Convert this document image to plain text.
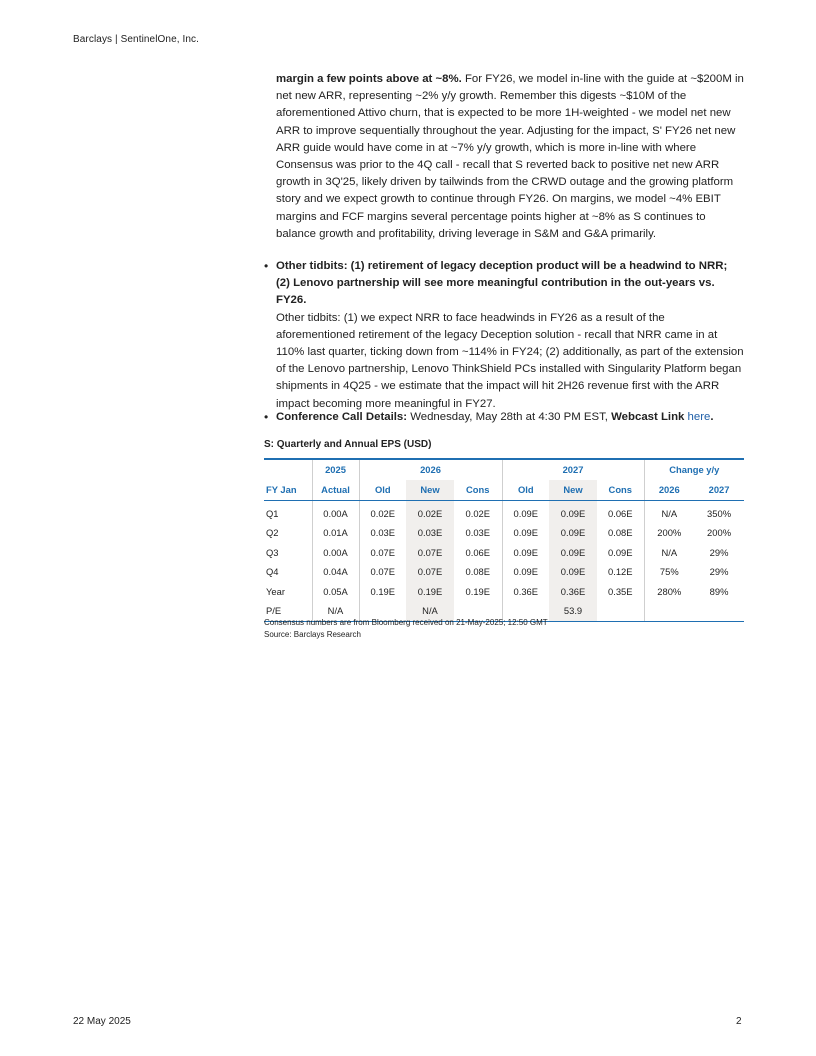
Barclays | SentinelOne, Inc.
margin a few points above at ~8%. For FY26, we model in-line with the guide at ~$200M in net new ARR, representing ~2% y/y growth. Remember this digests ~$10M of the aforementioned Attivo churn, that is expected to be more 1H-weighted - we model net new ARR to improve sequentially throughout the year. Adjusting for the impact, S' FY26 net new ARR guide would have come in at ~7% y/y growth, which is more in-line with where Consensus was prior to the 4Q call - recall that S reverted back to positive net new ARR growth in 3Q'25, likely driven by tailwinds from the CRWD outage and the growing platform story and we expect growth to continue through FY26. On margins, we model ~4% EBIT margins and FCF margins several percentage points higher at ~8% as S continues to balance growth and profitability, driving leverage in S&M and G&A primarily.
• Other tidbits: (1) retirement of legacy deception product will be a headwind to NRR; (2) Lenovo partnership will see more meaningful contribution in the out-years vs. FY26.
Other tidbits: (1) we expect NRR to face headwinds in FY26 as a result of the aforementioned retirement of the legacy Deception solution - recall that NRR came in at 110% last quarter, ticking down from ~114% in FY24; (2) additionally, as part of the extension of the Lenovo partnership, Lenovo ThinkShield PCs installed with Singularity Platform began shipments in 4Q25 - we estimate that the impact will hit 2H26 revenue first with the ARR impact becoming more meaningful in FY27.
• Conference Call Details: Wednesday, May 28th at 4:30 PM EST, Webcast Link here.
S: Quarterly and Annual EPS (USD)
	2025	2026			2027			Change y/y	
FY Jan	Actual	Old	New	Cons	Old	New	Cons	2026	2027
Q1	0.00A	0.02E	0.02E	0.02E	0.09E	0.09E	0.06E	N/A	350%
Q2	0.01A	0.03E	0.03E	0.03E	0.09E	0.09E	0.08E	200%	200%
Q3	0.00A	0.07E	0.07E	0.06E	0.09E	0.09E	0.09E	N/A	29%
Q4	0.04A	0.07E	0.07E	0.08E	0.09E	0.09E	0.12E	75%	29%
Year	0.05A	0.19E	0.19E	0.19E	0.36E	0.36E	0.35E	280%	89%
P/E	N/A		N/A			53.9			
Consensus numbers are from Bloomberg received on 21-May-2025; 12:50 GMT
Source: Barclays Research
22 May 2025	2
